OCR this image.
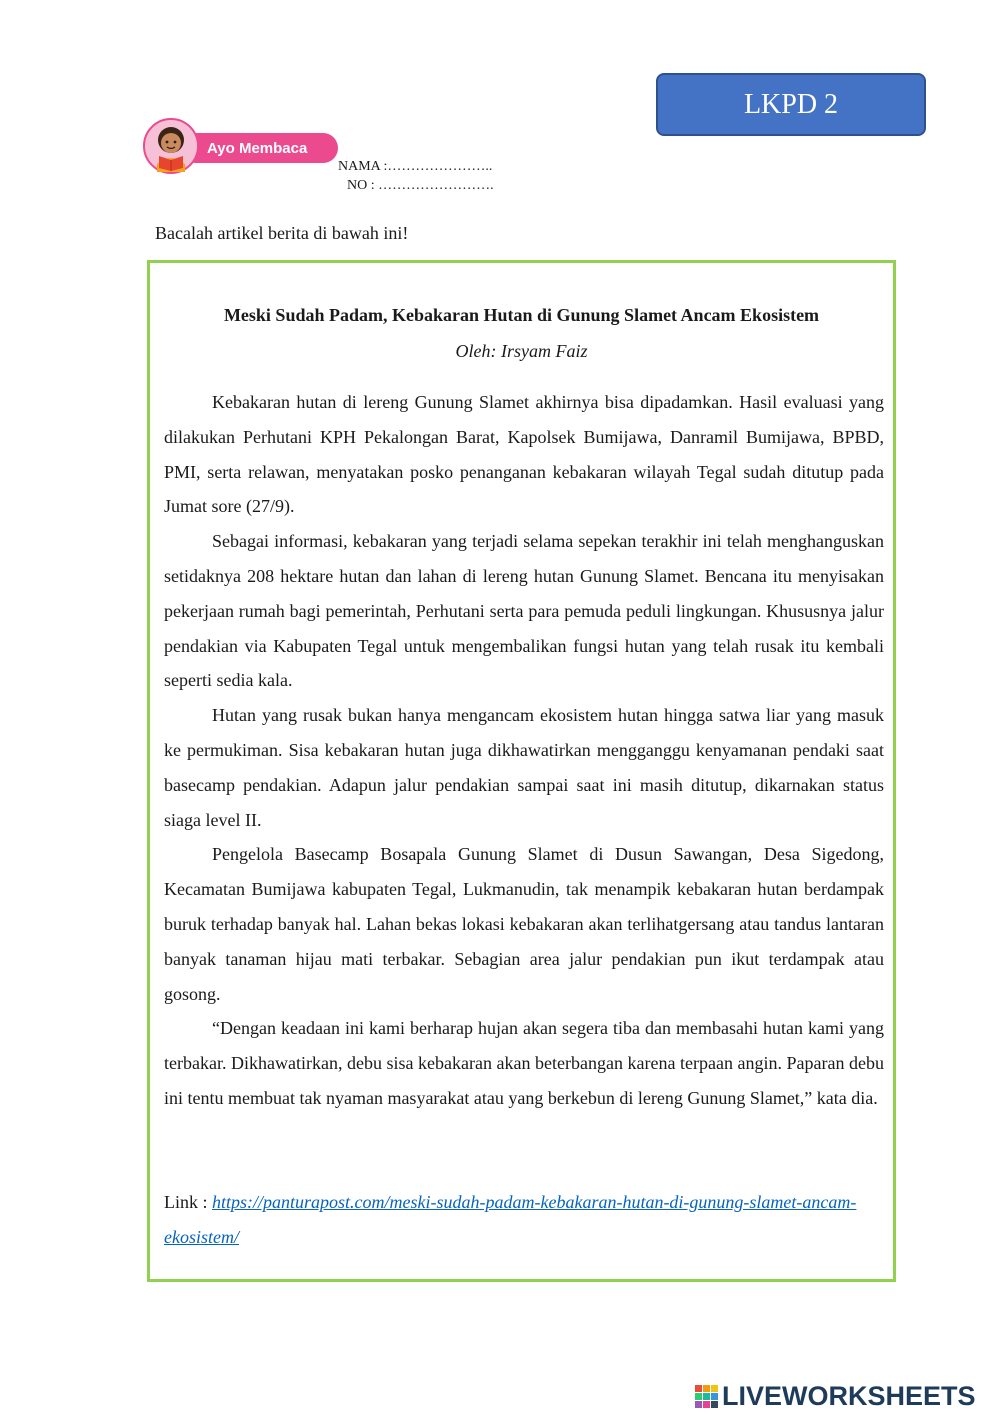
LKPD 2
Ayo Membaca
NAMA :…………………..
NO : …………………….
Bacalah artikel berita di bawah ini!
Meski Sudah Padam, Kebakaran Hutan di Gunung Slamet Ancam Ekosistem
Oleh: Irsyam Faiz

Kebakaran hutan di lereng Gunung Slamet akhirnya bisa dipadamkan. Hasil evaluasi yang dilakukan Perhutani KPH Pekalongan Barat, Kapolsek Bumijawa, Danramil Bumijawa, BPBD, PMI, serta relawan, menyatakan posko penanganan kebakaran wilayah Tegal sudah ditutup pada Jumat sore (27/9).

Sebagai informasi, kebakaran yang terjadi selama sepekan terakhir ini telah menghanguskan setidaknya 208 hektare hutan dan lahan di lereng hutan Gunung Slamet. Bencana itu menyisakan pekerjaan rumah bagi pemerintah, Perhutani serta para pemuda peduli lingkungan. Khususnya jalur pendakian via Kabupaten Tegal untuk mengembalikan fungsi hutan yang telah rusak itu kembali seperti sedia kala.

Hutan yang rusak bukan hanya mengancam ekosistem hutan hingga satwa liar yang masuk ke permukiman. Sisa kebakaran hutan juga dikhawatirkan mengganggu kenyamanan pendaki saat basecamp pendakian. Adapun jalur pendakian sampai saat ini masih ditutup, dikarnakan status siaga level II.

Pengelola Basecamp Bosapala Gunung Slamet di Dusun Sawangan, Desa Sigedong, Kecamatan Bumijawa kabupaten Tegal, Lukmanudin, tak menampik kebakaran hutan berdampak buruk terhadap banyak hal. Lahan bekas lokasi kebakaran akan terlihatgersang atau tandus lantaran banyak tanaman hijau mati terbakar. Sebagian area jalur pendakian pun ikut terdampak atau gosong.

“Dengan keadaan ini kami berharap hujan akan segera tiba dan membasahi hutan kami yang terbakar. Dikhawatirkan, debu sisa kebakaran akan beterbangan karena terpaan angin. Paparan debu ini tentu membuat tak nyaman masyarakat atau yang berkebun di lereng Gunung Slamet,” kata dia.

Link : https://panturapost.com/meski-sudah-padam-kebakaran-hutan-di-gunung-slamet-ancam-ekosistem/
LIVEWORKSHEETS
